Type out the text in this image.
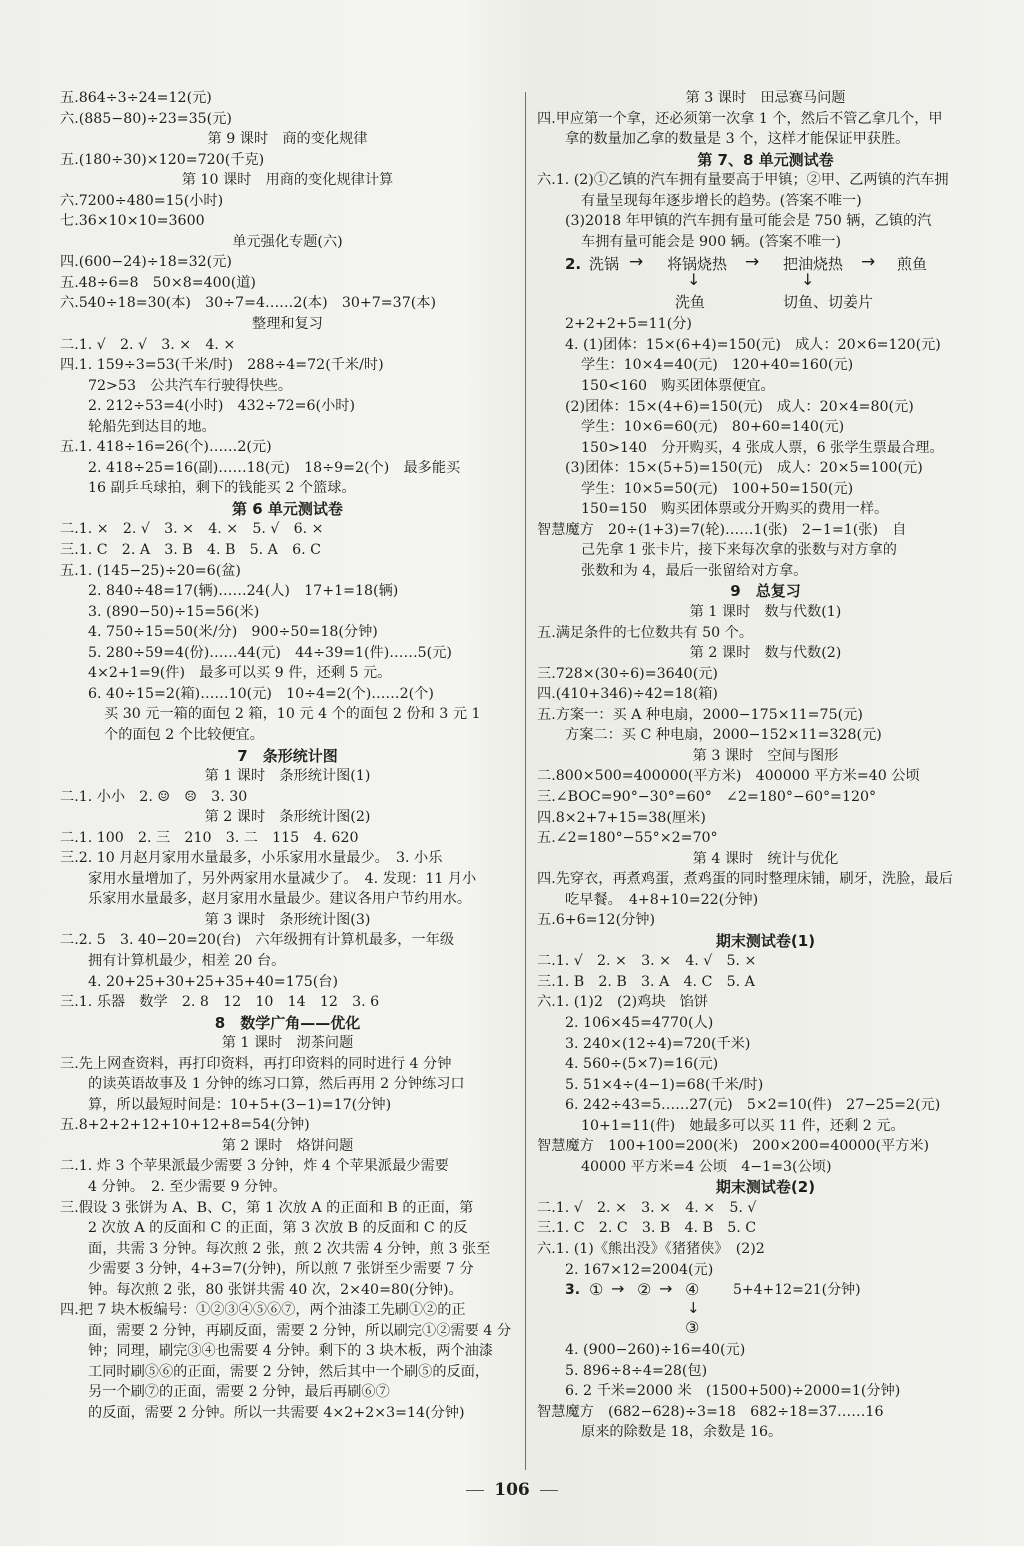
五.864÷3÷24=12(元)
六.(885−80)÷23=35(元)
第 9 课时　商的变化规律
五.(180÷30)×120=720(千克)
第 10 课时　用商的变化规律计算
六.7200÷480=15(小时)
七.36×10×10=3600
单元强化专题(六)
四.(600−24)÷18=32(元)
五.48÷6=8　50×8=400(道)
六.540÷18=30(本)　30÷7=4……2(本)　30+7=37(本)
整理和复习
二.1. √　2. √　3. ×　4. ×
四.1. 159÷3=53(千米/时)　288÷4=72(千米/时)
72>53　公共汽车行驶得快些。
2. 212÷53=4(小时)　432÷72=6(小时)
轮船先到达目的地。
五.1. 418÷16=26(个)……2(元)
2. 418÷25=16(副)……18(元)　18÷9=2(个)　最多能买
16 副乒乓球拍，剩下的钱能买 2 个篮球。
第 6 单元测试卷
二.1. ×　2. √　3. ×　4. ×　5. √　6. ×
三.1. C　2. A　3. B　4. B　5. A　6. C
五.1. (145−25)÷20=6(盆)
2. 840÷48=17(辆)……24(人)　17+1=18(辆)
3. (890−50)÷15=56(米)
4. 750÷15=50(米/分)　900÷50=18(分钟)
5. 280÷59=4(份)……44(元)　44÷39=1(件)……5(元)
4×2+1=9(件)　最多可以买 9 件，还剩 5 元。
6. 40÷15=2(箱)……10(元)　10÷4=2(个)……2(个)
买 30 元一箱的面包 2 箱，10 元 4 个的面包 2 份和 3 元 1
个的面包 2 个比较便宜。
7　条形统计图
第 1 课时　条形统计图(1)
二.1. 小小　2. ☺　☹　3. 30
第 2 课时　条形统计图(2)
二.1. 100　2. 三　210　3. 二　115　4. 620
三.2. 10 月赵月家用水量最多，小乐家用水量最少。　3. 小乐
家用水量增加了，另外两家用水量减少了。　4. 发现：11 月小
乐家用水量最多，赵月家用水量最少。建议各用户节约用水。
第 3 课时　条形统计图(3)
二.2. 5　3. 40−20=20(台)　六年级拥有计算机最多，一年级
拥有计算机最少，相差 20 台。
4. 20+25+30+25+35+40=175(台)
三.1. 乐器　数学　2. 8　12　10　14　12　3. 6
8　数学广角——优化
第 1 课时　沏茶问题
三.先上网查资料，再打印资料，再打印资料的同时进行 4 分钟
的读英语故事及 1 分钟的练习口算，然后再用 2 分钟练习口
算，所以最短时间是：10+5+(3−1)=17(分钟)
五.8+2+2+12+10+12+8=54(分钟)
第 2 课时　烙饼问题
二.1. 炸 3 个苹果派最少需要 3 分钟，炸 4 个苹果派最少需要
4 分钟。　2. 至少需要 9 分钟。
三.假设 3 张饼为 A、B、C，第 1 次放 A 的正面和 B 的正面，第
2 次放 A 的反面和 C 的正面，第 3 次放 B 的反面和 C 的反
面，共需 3 分钟。每次煎 2 张，煎 2 次共需 4 分钟，煎 3 张至
少需要 3 分钟，4+3=7(分钟)，所以煎 7 张饼至少需要 7 分
钟。每次煎 2 张，80 张饼共需 40 次，2×40=80(分钟)。
四.把 7 块木板编号：①②③④⑤⑥⑦，两个油漆工先刷①②的正
面，需要 2 分钟，再刷反面，需要 2 分钟，所以刷完①②需要 4 分
钟；同理，刷完③④也需要 4 分钟。剩下的 3 块木板，两个油漆
工同时刷⑤⑥的正面，需要 2 分钟，然后其中一个刷⑤的反面，
另一个刷⑦的正面，需要 2 分钟，最后再刷⑥⑦
的反面，需要 2 分钟。所以一共需要 4×2+2×3=14(分钟)
第 3 课时　田忌赛马问题
四.甲应第一个拿，还必须第一次拿 1 个，然后不管乙拿几个，甲
拿的数量加乙拿的数量是 3 个，这样才能保证甲获胜。
第 7、8 单元测试卷
六.1. (2)①乙镇的汽车拥有量要高于甲镇；②甲、乙两镇的汽车拥
有量呈现每年逐步增长的趋势。(答案不唯一)
(3)2018 年甲镇的汽车拥有量可能会是 750 辆，乙镇的汽
车拥有量可能会是 900 辆。(答案不唯一)
2. 洗锅 → 将锅烧热 → 把油烧热 → 煎鱼
↓	↓
洗鱼	切鱼、切姜片
2+2+2+5=11(分)
4. (1)团体：15×(6+4)=150(元)　成人：20×6=120(元)
学生：10×4=40(元)　120+40=160(元)
150<160　购买团体票便宜。
(2)团体：15×(4+6)=150(元)　成人：20×4=80(元)
学生：10×6=60(元)　80+60=140(元)
150>140　分开购买，4 张成人票，6 张学生票最合理。
(3)团体：15×(5+5)=150(元)　成人：20×5=100(元)
学生：10×5=50(元)　100+50=150(元)
150=150　购买团体票或分开购买的费用一样。
智慧魔方　20÷(1+3)=7(轮)……1(张)　2−1=1(张)　自
己先拿 1 张卡片，接下来每次拿的张数与对方拿的
张数和为 4，最后一张留给对方拿。
9　总复习
第 1 课时　数与代数(1)
五.满足条件的七位数共有 50 个。
第 2 课时　数与代数(2)
三.728×(30÷6)=3640(元)
四.(410+346)÷42=18(箱)
五.方案一：买 A 种电扇，2000−175×11=75(元)
方案二：买 C 种电扇，2000−152×11=328(元)
第 3 课时　空间与图形
二.800×500=400000(平方米)　400000 平方米=40 公顷
三.∠BOC=90°−30°=60°　∠2=180°−60°=120°
四.8×2+7+15=38(厘米)
五.∠2=180°−55°×2=70°
第 4 课时　统计与优化
四.先穿衣，再煮鸡蛋，煮鸡蛋的同时整理床铺，刷牙，洗脸，最后
吃早餐。　4+8+10=22(分钟)
五.6+6=12(分钟)
期末测试卷(1)
二.1. √　2. ×　3. ×　4. √　5. ×
三.1. B　2. B　3. A　4. C　5. A
六.1. (1)2　(2)鸡块　馅饼
2. 106×45=4770(人)
3. 240×(12÷4)=720(千米)
4. 560÷(5×7)=16(元)
5. 51×4÷(4−1)=68(千米/时)
6. 242÷43=5……27(元)　5×2=10(件)　27−25=2(元)
10+1=11(件)　她最多可以买 11 件，还剩 2 元。
智慧魔方　100+100=200(米)　200×200=40000(平方米)
40000 平方米=4 公顷　4−1=3(公顷)
期末测试卷(2)
二.1. √　2. ×　3. ×　4. ×　5. √
三.1. C　2. C　3. B　4. B　5. C
六.1. (1)《熊出没》《猪猪侠》　(2)2
2. 167×12=2004(元)
3. ① → ② → ④
↓
③
5+4+12=21(分钟)
4. (900−260)÷16=40(元)
5. 896÷8÷4=28(包)
6. 2 千米=2000 米　(1500+500)÷2000=1(分钟)
智慧魔方　(682−628)÷3=18　682÷18=37……16
原来的除数是 18，余数是 16。
106
